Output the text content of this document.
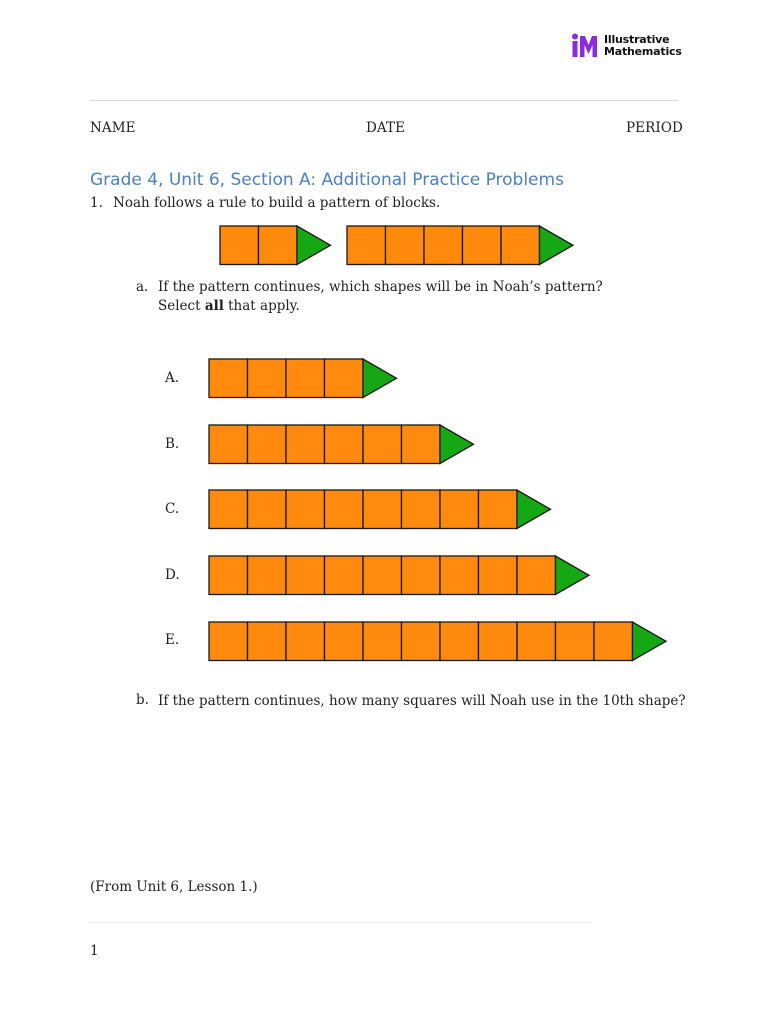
Illustrative
Mathematics
NAME	DATE	PERIOD
Grade 4, Unit 6, Section A: Additional Practice Problems
1. Noah follows a rule to build a pattern of blocks.
a. If the pattern continues, which shapes will be in Noah’s pattern?
Select all that apply.
A.
B.
C.
D.
E.
b. If the pattern continues, how many squares will Noah use in the 10th shape?
(From Unit 6, Lesson 1.)
1
